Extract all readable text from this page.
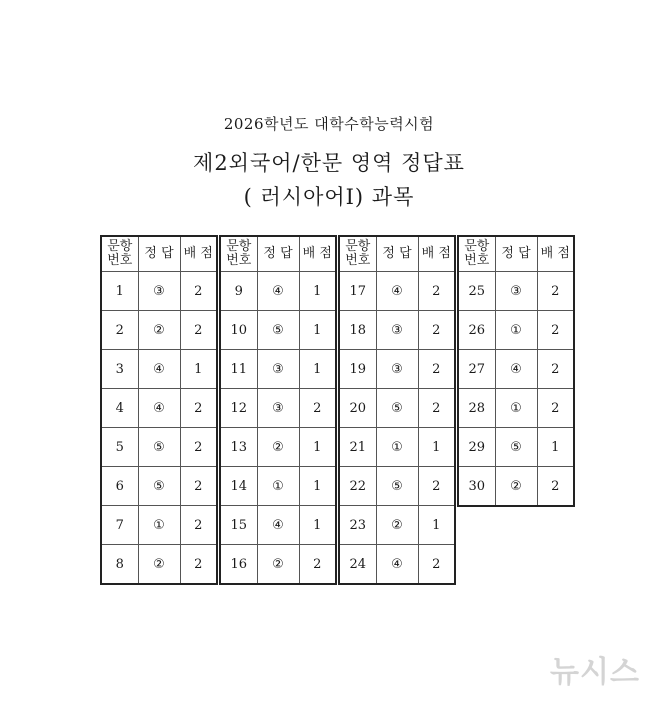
2026학년도 대학수학능력시험
제2외국어/한문 영역 정답표
( 러시아어Ⅰ) 과목
문항
번호	정 답	배 점
1	③	2
2	②	2
3	④	1
4	④	2
5	⑤	2
6	⑤	2
7	①	2
8	②	2
문항
번호	정 답	배 점
9	④	1
10	⑤	1
11	③	1
12	③	2
13	②	1
14	①	1
15	④	1
16	②	2
문항
번호	정 답	배 점
17	④	2
18	③	2
19	③	2
20	⑤	2
21	①	1
22	⑤	2
23	②	1
24	④	2
문항
번호	정 답	배 점
25	③	2
26	①	2
27	④	2
28	①	2
29	⑤	1
30	②	2
뉴시스
